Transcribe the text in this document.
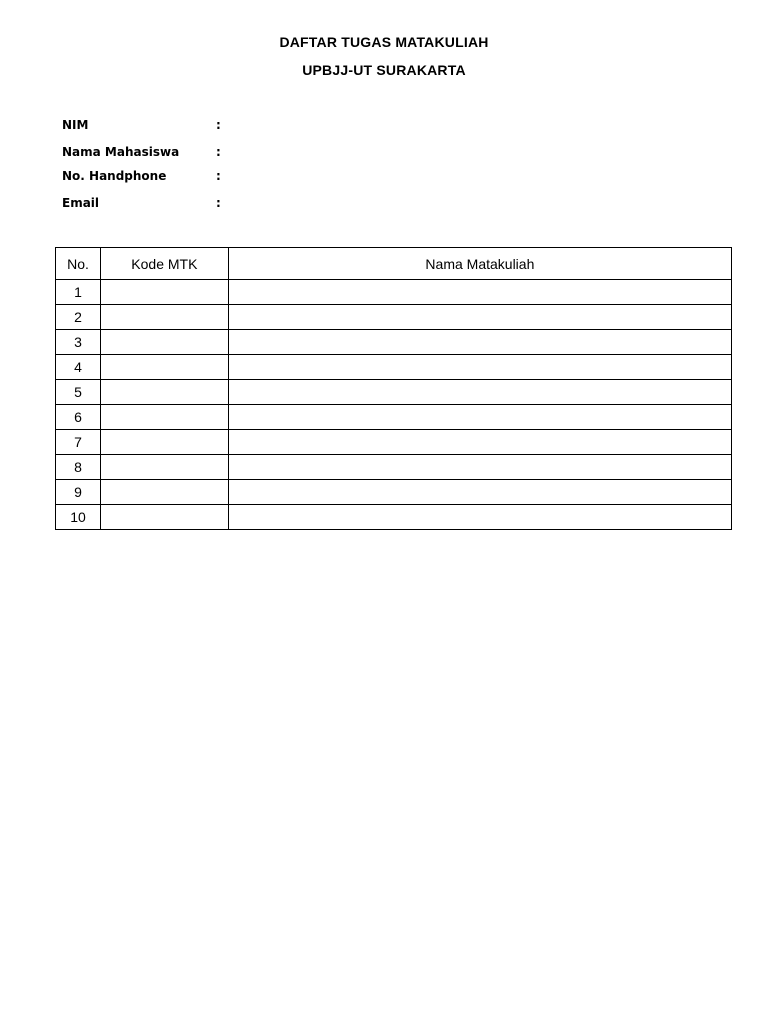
DAFTAR TUGAS MATAKULIAH
UPBJJ-UT SURAKARTA
NIM	:
Nama Mahasiswa	:
No. Handphone	:
Email	:
No.	Kode MTK	Nama Matakuliah
1		
2		
3		
4		
5		
6		
7		
8		
9		
10		
